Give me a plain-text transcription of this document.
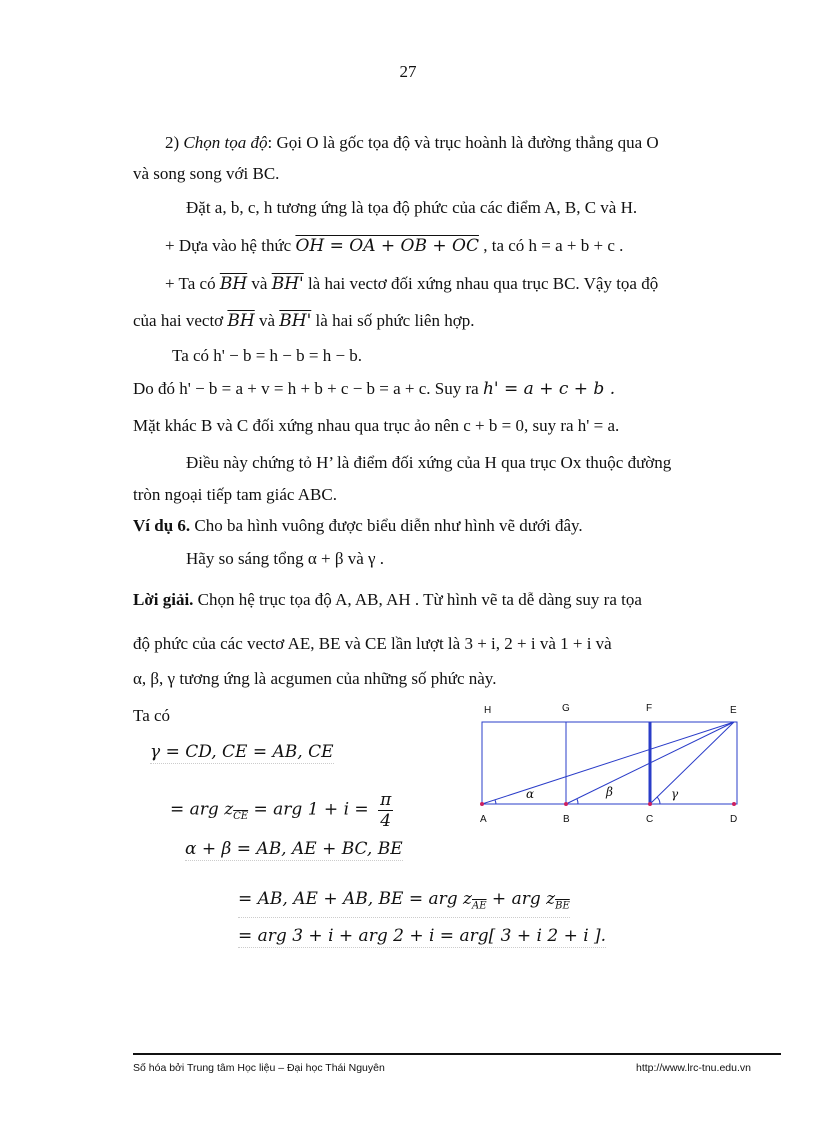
27
2) Chọn tọa độ: Gọi O là gốc tọa độ và trục hoành là đường thẳng qua O
và song song với BC.
Đặt a, b, c, h tương ứng là tọa độ phức của các điểm A, B, C và H.
+ Dựa vào hệ thức OH = OA + OB + OC , ta có h = a + b + c .
+ Ta có $\overline{BH}$ và BH' là hai vectơ đối xứng nhau qua trục BC. Vậy tọa độ
của hai vectơ $\overline{BH}$ và BH' là hai số phức liên hợp.
Ta có h' − b = h − b = h − b.
Do đó h' − b = a + v = h + b + c − b = a + c. Suy ra h' = a + c + b .
Mặt khác B và C đối xứng nhau qua trục ảo nên c + b = 0, suy ra h' = a.
Điều này chứng tỏ H’ là điểm đối xứng của H qua trục Ox thuộc đường
tròn ngoại tiếp tam giác ABC.
Ví dụ 6. Cho ba hình vuông được biểu diễn như hình vẽ dưới đây.
Hãy so sáng tổng α + β và γ .
Lời giải. Chọn hệ trục tọa độ A, AB, AH . Từ hình vẽ ta dễ dàng suy ra tọa
độ phức của các vectơ AE, BE và CE lần lượt là 3 + i, 2 + i và 1 + i và
α, β, γ tương ứng là acgumen của những số phức này.
Ta có
γ = CD, CE = AB, CE
= arg $z_{\overline{CE}}$ = arg $1 + i = \frac{\pi}{4}$
α + β = AB, AE + BC, BE
= AB, AE + AB, BE = arg $z_{\overline{AE}}$ + arg $z_{\overline{BE}}$
= arg 3 + i + arg 2 + i = arg[ 3 + i 2 + i ].
H	G	F	E
A	B	C	D
α	β	γ
Số hóa bởi Trung tâm Học liệu – Đại học Thái Nguyên	http://www.lrc-tnu.edu.vn
